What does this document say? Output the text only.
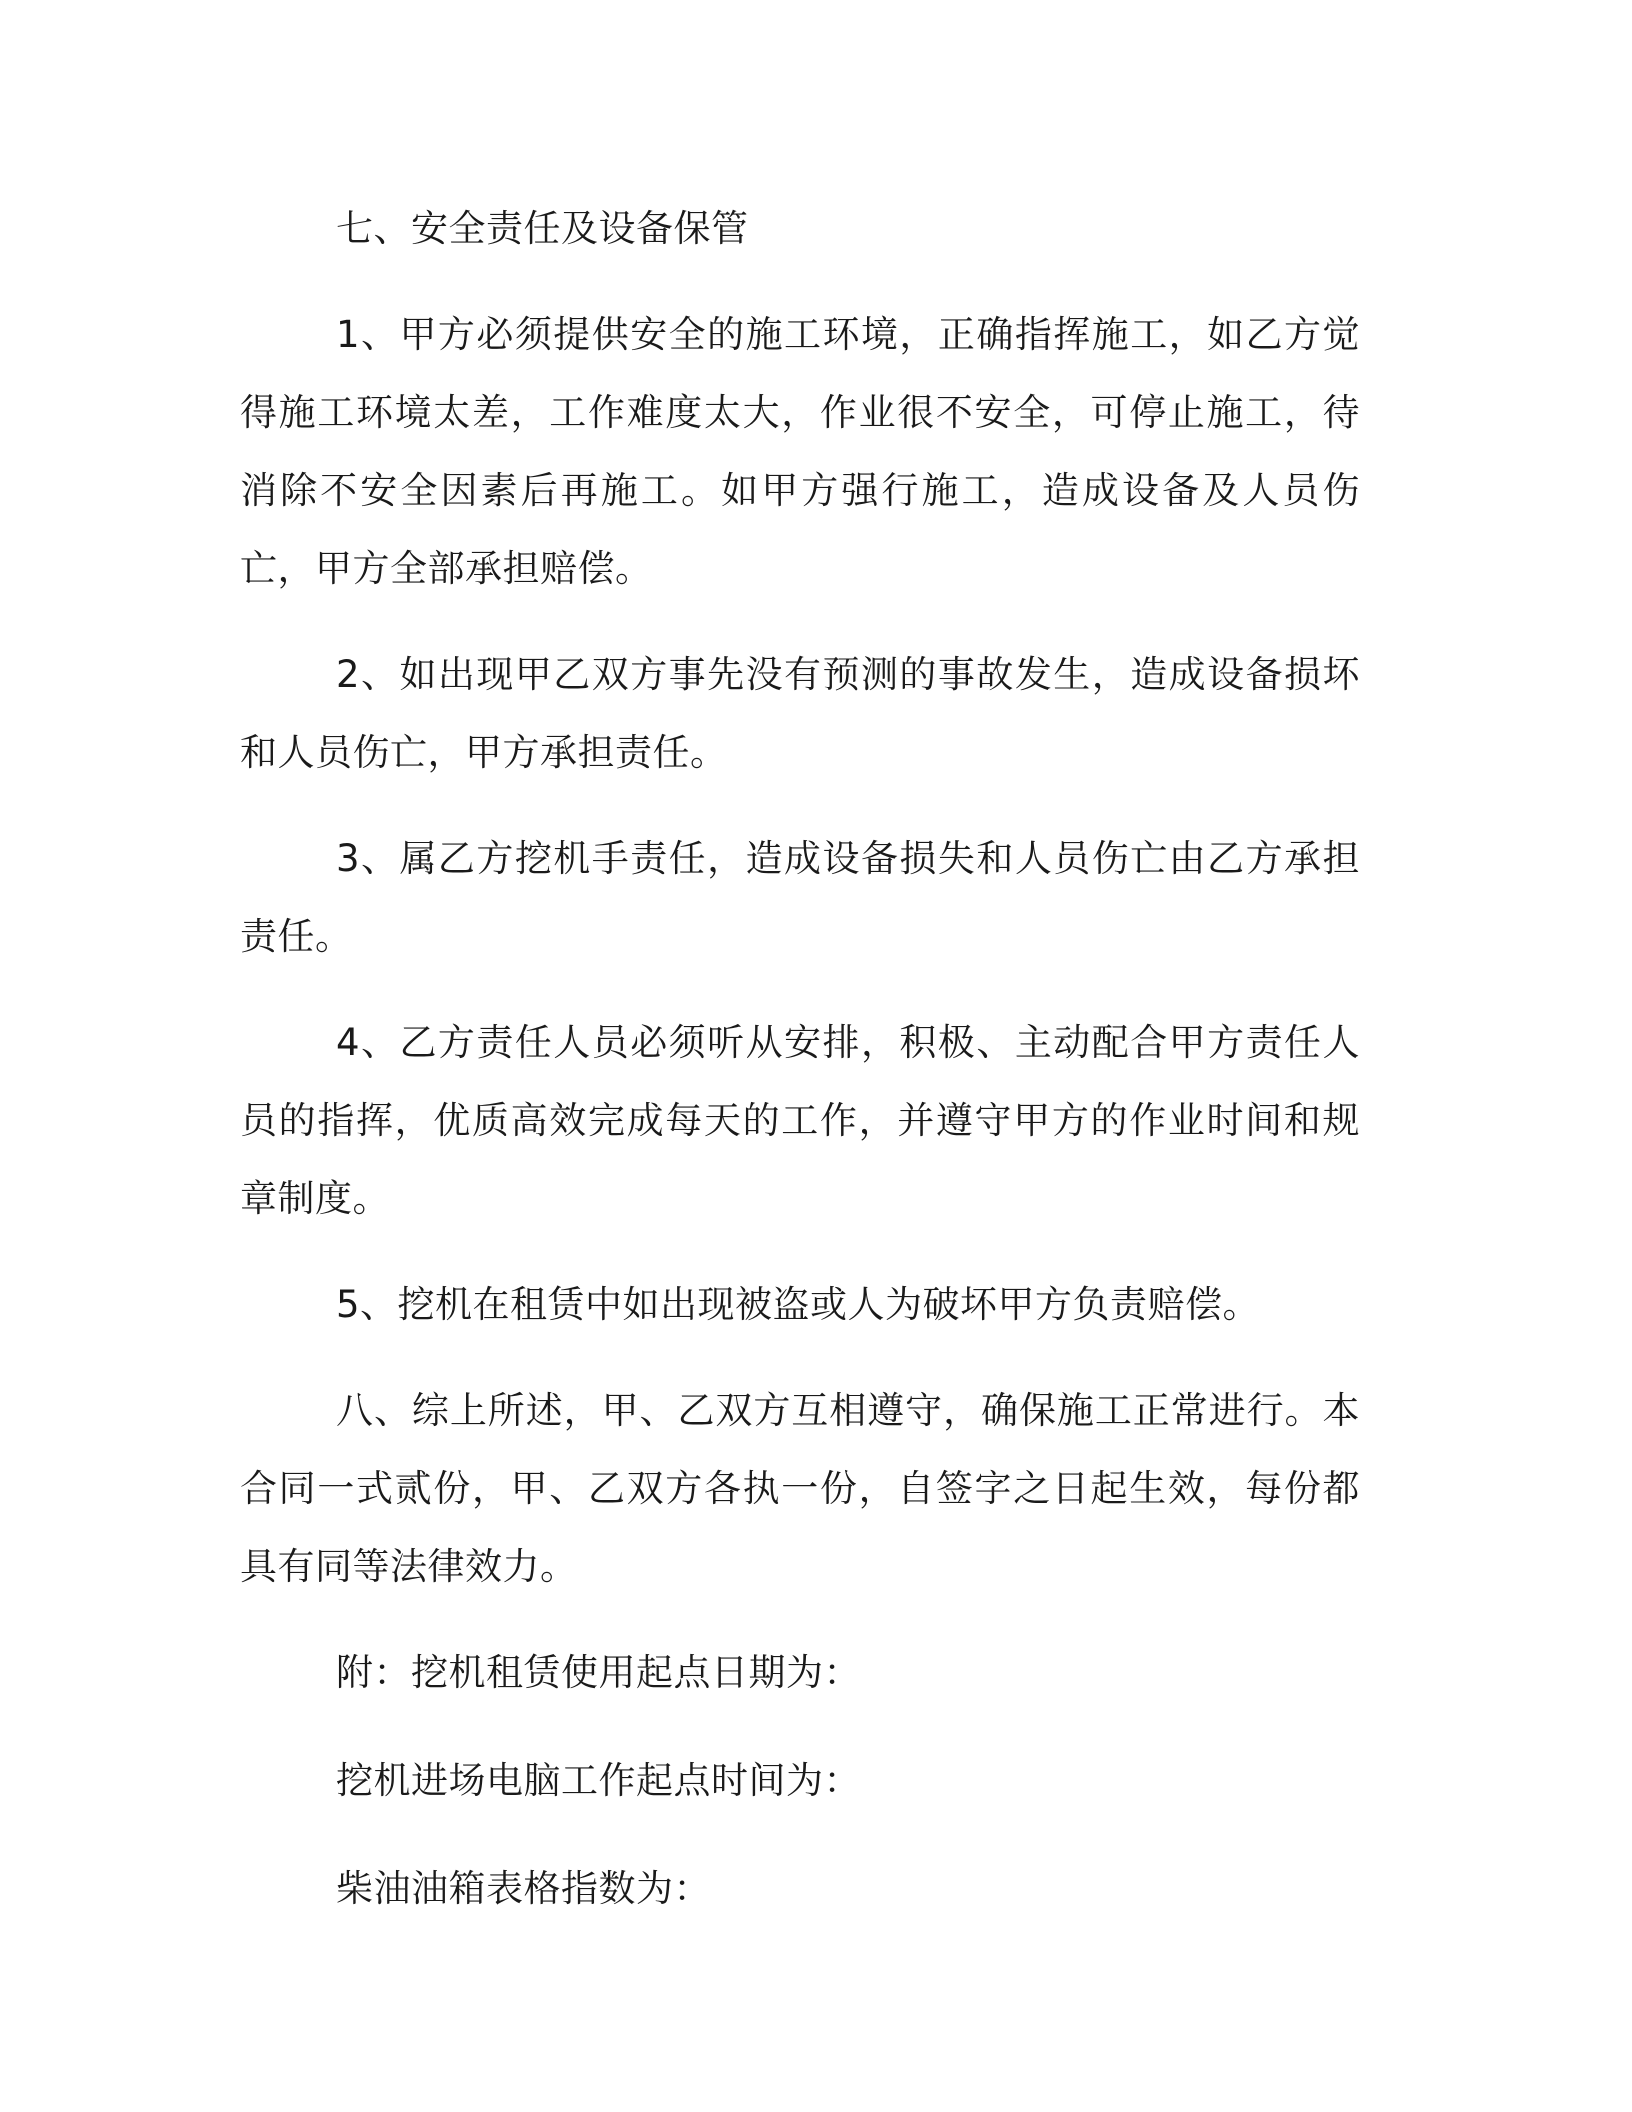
七、安全责任及设备保管

1、甲方必须提供安全的施工环境，正确指挥施工，如乙方觉得施工环境太差，工作难度太大，作业很不安全，可停止施工，待消除不安全因素后再施工。如甲方强行施工，造成设备及人员伤亡，甲方全部承担赔偿。

2、如出现甲乙双方事先没有预测的事故发生，造成设备损坏和人员伤亡，甲方承担责任。

3、属乙方挖机手责任，造成设备损失和人员伤亡由乙方承担责任。

4、乙方责任人员必须听从安排，积极、主动配合甲方责任人员的指挥，优质高效完成每天的工作，并遵守甲方的作业时间和规章制度。

5、挖机在租赁中如出现被盗或人为破坏甲方负责赔偿。

八、综上所述，甲、乙双方互相遵守，确保施工正常进行。本合同一式贰份，甲、乙双方各执一份，自签字之日起生效，每份都具有同等法律效力。

附：挖机租赁使用起点日期为：

挖机进场电脑工作起点时间为：

柴油油箱表格指数为：
